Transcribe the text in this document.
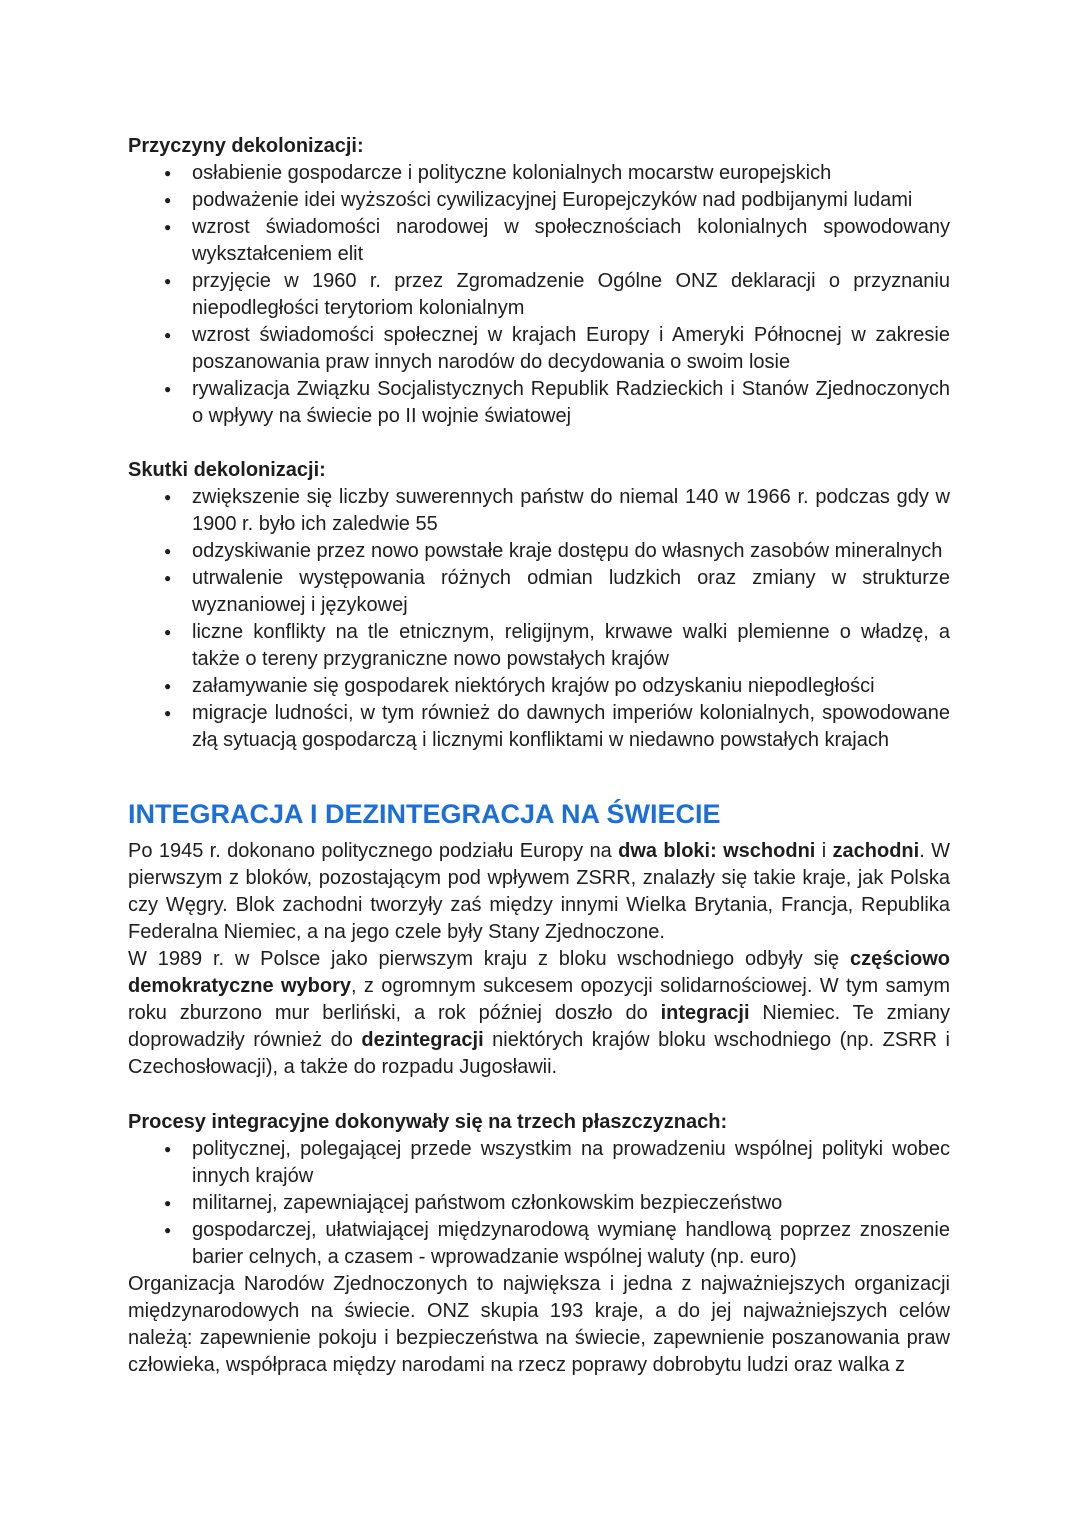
Przyczyny dekolonizacji:
● osłabienie gospodarcze i polityczne kolonialnych mocarstw europejskich
● podważenie idei wyższości cywilizacyjnej Europejczyków nad podbijanymi ludami
● wzrost świadomości narodowej w społecznościach kolonialnych spowodowany wykształceniem elit
● przyjęcie w 1960 r. przez Zgromadzenie Ogólne ONZ deklaracji o przyznaniu niepodległości terytoriom kolonialnym
● wzrost świadomości społecznej w krajach Europy i Ameryki Północnej w zakresie poszanowania praw innych narodów do decydowania o swoim losie
● rywalizacja Związku Socjalistycznych Republik Radzieckich i Stanów Zjednoczonych o wpływy na świecie po II wojnie światowej
Skutki dekolonizacji:
● zwiększenie się liczby suwerennych państw do niemal 140 w 1966 r. podczas gdy w 1900 r. było ich zaledwie 55
● odzyskiwanie przez nowo powstałe kraje dostępu do własnych zasobów mineralnych
● utrwalenie występowania różnych odmian ludzkich oraz zmiany w strukturze wyznaniowej i językowej
● liczne konflikty na tle etnicznym, religijnym, krwawe walki plemienne o władzę, a także o tereny przygraniczne nowo powstałych krajów
● załamywanie się gospodarek niektórych krajów po odzyskaniu niepodległości
● migracje ludności, w tym również do dawnych imperiów kolonialnych, spowodowane złą sytuacją gospodarczą i licznymi konfliktami w niedawno powstałych krajach
INTEGRACJA I DEZINTEGRACJA NA ŚWIECIE

Po 1945 r. dokonano politycznego podziału Europy na dwa bloki: wschodni i zachodni. W pierwszym z bloków, pozostającym pod wpływem ZSRR, znalazły się takie kraje, jak Polska czy Węgry. Blok zachodni tworzyły zaś między innymi Wielka Brytania, Francja, Republika Federalna Niemiec, a na jego czele były Stany Zjednoczone.

W 1989 r. w Polsce jako pierwszym kraju z bloku wschodniego odbyły się częściowo demokratyczne wybory, z ogromnym sukcesem opozycji solidarnościowej. W tym samym roku zburzono mur berliński, a rok później doszło do integracji Niemiec. Te zmiany doprowadziły również do dezintegracji niektórych krajów bloku wschodniego (np. ZSRR i Czechosłowacji), a także do rozpadu Jugosławii.

Procesy integracyjne dokonywały się na trzech płaszczyznach:
● politycznej, polegającej przede wszystkim na prowadzeniu wspólnej polityki wobec innych krajów
● militarnej, zapewniającej państwom członkowskim bezpieczeństwo
● gospodarczej, ułatwiającej międzynarodową wymianę handlową poprzez znoszenie barier celnych, a czasem - wprowadzanie wspólnej waluty (np. euro)

Organizacja Narodów Zjednoczonych to największa i jedna z najważniejszych organizacji międzynarodowych na świecie. ONZ skupia 193 kraje, a do jej najważniejszych celów należą: zapewnienie pokoju i bezpieczeństwa na świecie, zapewnienie poszanowania praw człowieka, współpraca między narodami na rzecz poprawy dobrobytu ludzi oraz walka z
